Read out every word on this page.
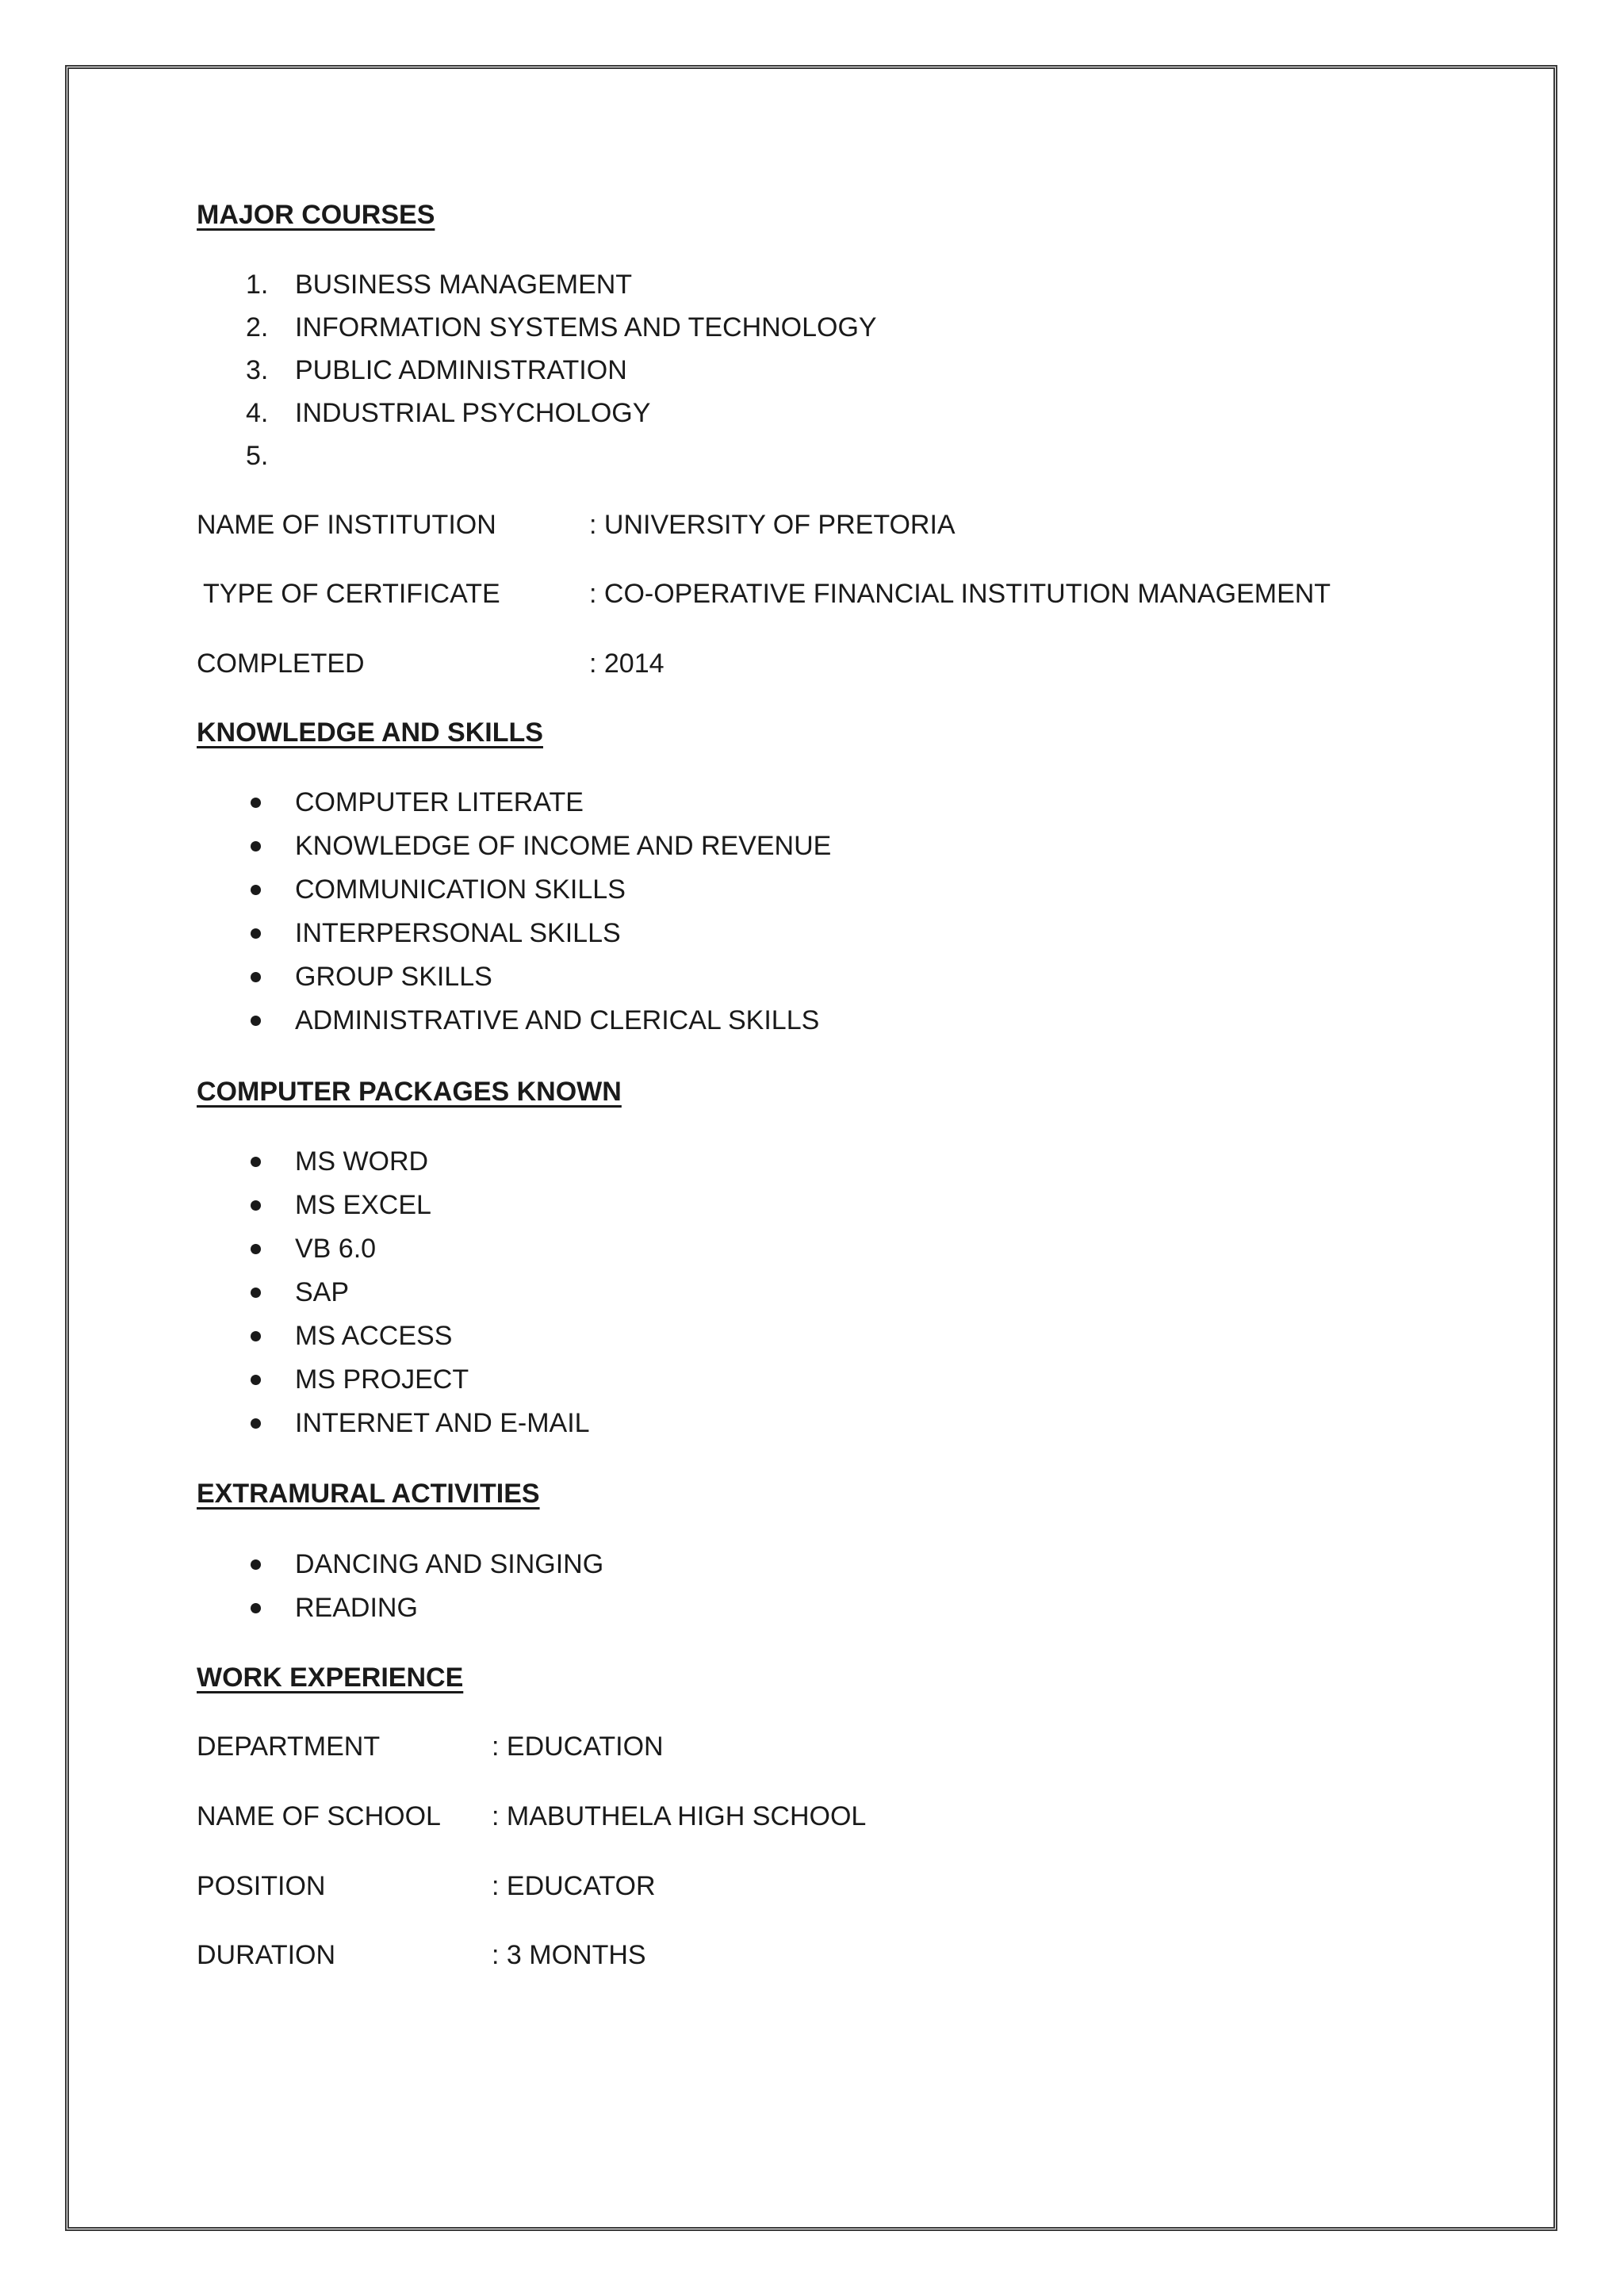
MAJOR COURSES
1. BUSINESS MANAGEMENT
2. INFORMATION SYSTEMS AND TECHNOLOGY
3. PUBLIC ADMINISTRATION
4. INDUSTRIAL PSYCHOLOGY
5.
NAME OF INSTITUTION	: UNIVERSITY OF PRETORIA
TYPE OF CERTIFICATE	: CO-OPERATIVE FINANCIAL INSTITUTION MANAGEMENT
COMPLETED	: 2014
KNOWLEDGE AND SKILLS
COMPUTER LITERATE
KNOWLEDGE OF INCOME AND REVENUE
COMMUNICATION SKILLS
INTERPERSONAL SKILLS
GROUP SKILLS
ADMINISTRATIVE AND CLERICAL SKILLS
COMPUTER PACKAGES KNOWN
MS WORD
MS EXCEL
VB 6.0
SAP
MS ACCESS
MS PROJECT
INTERNET AND E-MAIL
EXTRAMURAL ACTIVITIES
DANCING AND SINGING
READING
WORK EXPERIENCE
DEPARTMENT	: EDUCATION
NAME OF SCHOOL : MABUTHELA HIGH SCHOOL
POSITION	: EDUCATOR
DURATION	: 3 MONTHS
